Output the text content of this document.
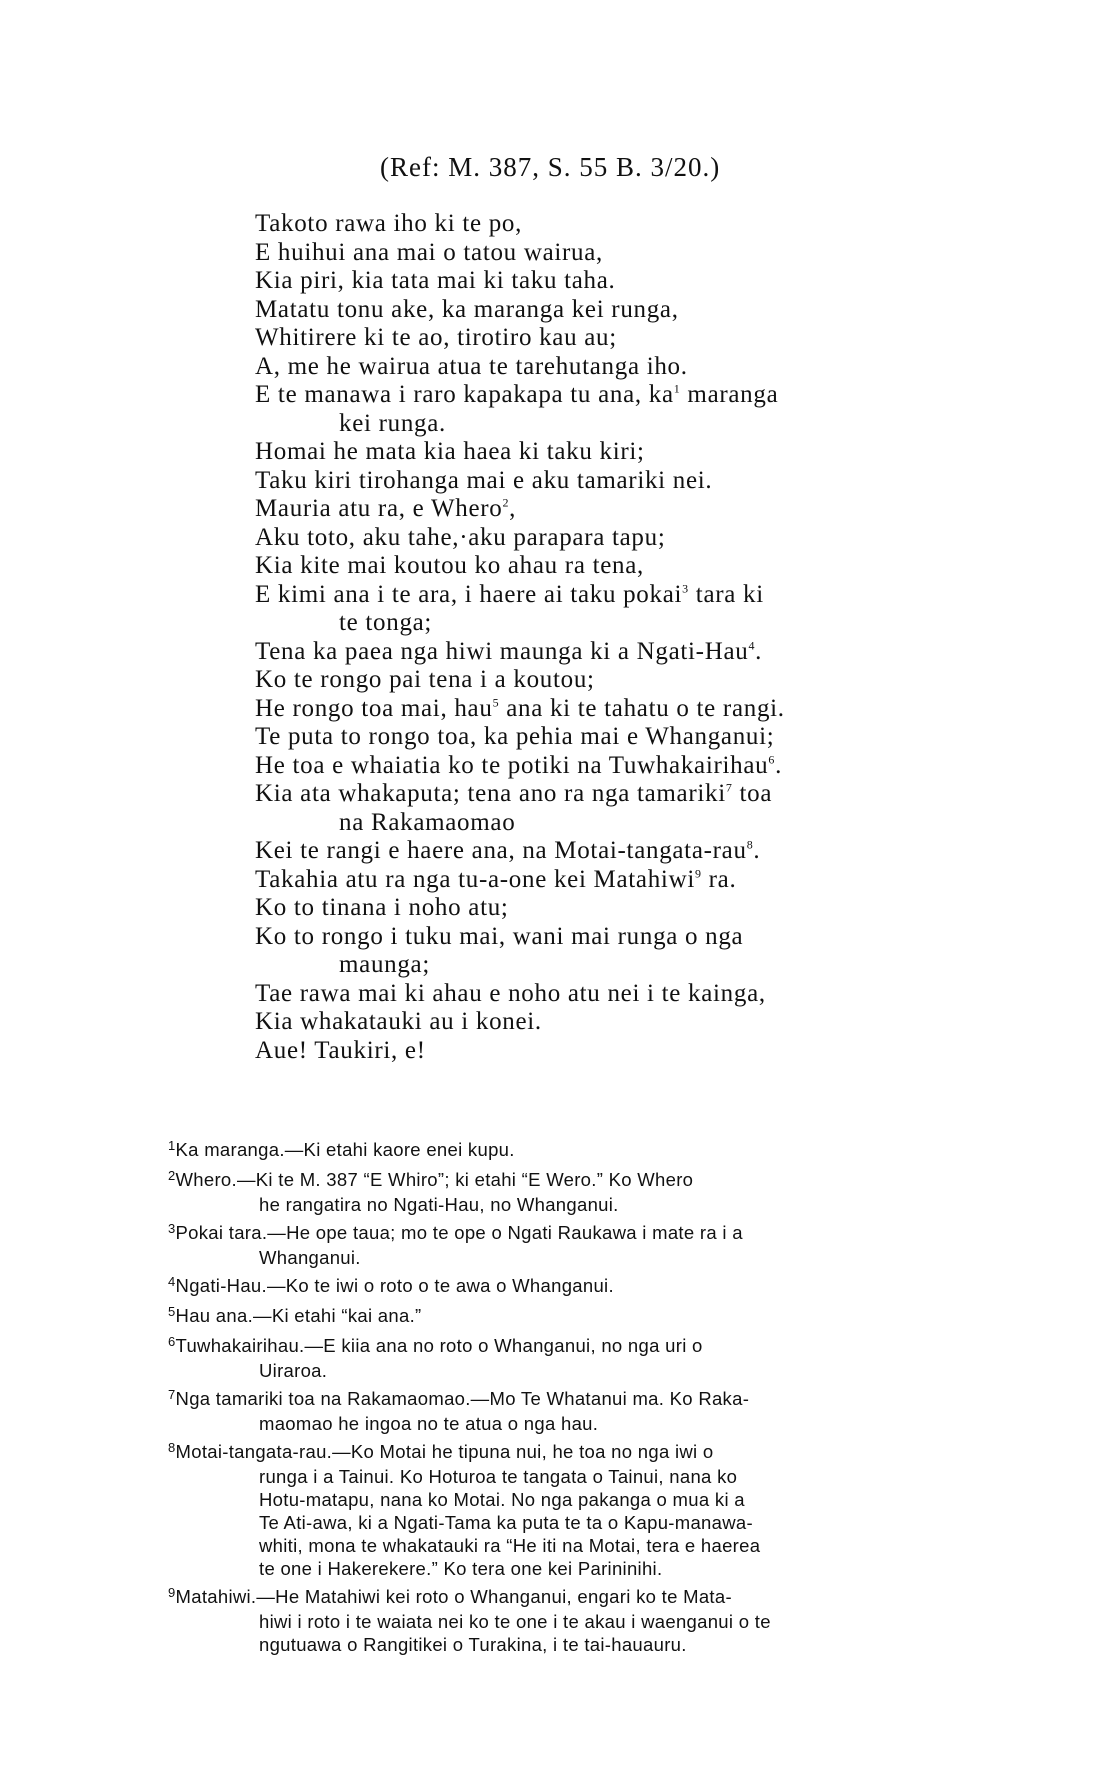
(Ref: M. 387, S. 55 B. 3/20.)
Takoto rawa iho ki te po,
E huihui ana mai o tatou wairua,
Kia piri, kia tata mai ki taku taha.
Matatu tonu ake, ka maranga kei runga,
Whitirere ki te ao, tirotiro kau au;
A, me he wairua atua te tarehutanga iho.
E te manawa i raro kapakapa tu ana, $ka^1$ maranga
kei runga.
Homai he mata kia haea ki taku kiri;
Taku kiri tirohanga mai e aku tamariki nei.
Mauria atu ra, e Whero$^2$,
Aku toto, aku tahe,·aku parapara tapu;
Kia kite mai koutou ko ahau ra tena,
E kimi ana i te ara, i haere ai taku pokai$^3$ tara ki
te tonga;
Tena ka paea nga hiwi maunga ki a Ngati-Hau$^4$.
Ko te rongo pai tena i a koutou;
He rongo toa mai, hau$^5$ ana ki te tahatu o te rangi.
Te puta to rongo toa, ka pehia mai e Whanganui;
He toa e whaiatia ko te potiki na Tuwhakairihau$^6$.
Kia ata whakaputa; tena ano ra nga tamariki$^7$ toa
na Rakamaomao
Kei te rangi e haere ana, na Motai-tangata-rau$^8$.
Takahia atu ra nga tu-a-one kei Matahiwi$^9$ ra.
Ko to tinana i noho atu;
Ko to rongo i tuku mai, wani mai runga o nga
maunga;
Tae rawa mai ki ahau e noho atu nei i te kainga,
Kia whakatauki au i konei.
Aue! Taukiri, e!
$^1$Ka maranga.—Ki etahi kaore enei kupu.
$^2$Whero.—Ki te M. 387 “E Whiro”; ki etahi “E Wero.” Ko Whero
he rangatira no Ngati-Hau, no Whanganui.
$^3$Pokai tara.—He ope taua; mo te ope o Ngati Raukawa i mate ra i a
Whanganui.
$^4$Ngati-Hau.—Ko te iwi o roto o te awa o Whanganui.
$^5$Hau ana.—Ki etahi “kai ana.”
$^6$Tuwhakairihau.—E kiia ana no roto o Whanganui, no nga uri o
Uiraroa.
$^7$Nga tamariki toa na Rakamaomao.—Mo Te Whatanui ma. Ko Raka-
maomao he ingoa no te atua o nga hau.
$^8$Motai-tangata-rau.—Ko Motai he tipuna nui, he toa no nga iwi o
runga i a Tainui. Ko Hoturoa te tangata o Tainui, nana ko
Hotu-matapu, nana ko Motai. No nga pakanga o mua ki a
Te Ati-awa, ki a Ngati-Tama ka puta te ta o Kapu-manawa-
whiti, mona te whakatauki ra “He iti na Motai, tera e haerea
te one i Hakerekere.” Ko tera one kei Parininihi.
$^9$Matahiwi.—He Matahiwi kei roto o Whanganui, engari ko te Mata-
hiwi i roto i te waiata nei ko te one i te akau i waenganui o te
ngutuawa o Rangitikei o Turakina, i te tai-hauauru.
